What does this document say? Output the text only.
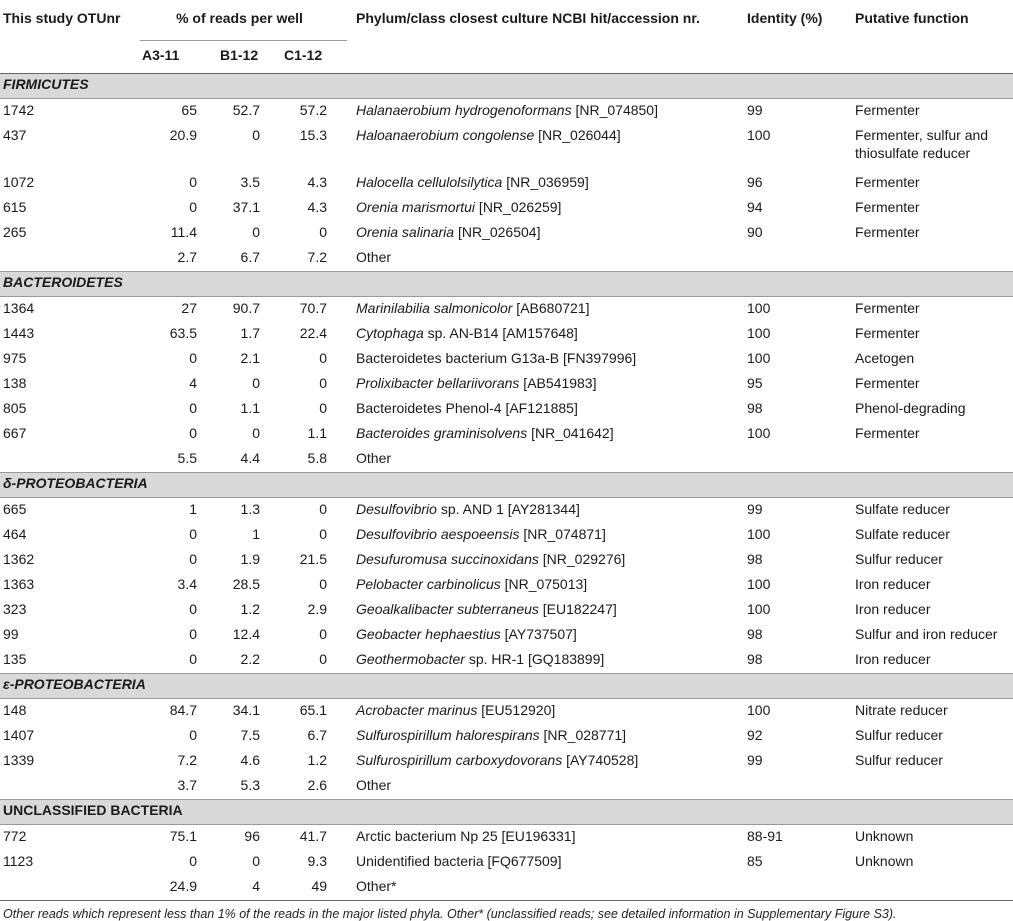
This study OTUnr	% of reads per well				Phylum/class closest culture NCBI hit/accession nr.	Identity (%)	Putative function
	A3-11	B1-12	C1-12				
FIRMICUTES							
1742	65	52.7	57.2		Halanaerobium hydrogenoformans [NR_074850]	99	Fermenter
437	20.9	0	15.3		Haloanaerobium congolense [NR_026044]	100	Fermenter, sulfur and thiosulfate reducer
1072	0	3.5	4.3		Halocella cellulolsilytica [NR_036959]	96	Fermenter
615	0	37.1	4.3		Orenia marismortui [NR_026259]	94	Fermenter
265	11.4	0	0		Orenia salinaria [NR_026504]	90	Fermenter
	2.7	6.7	7.2		Other		
BACTEROIDETES							
1364	27	90.7	70.7		Marinilabilia salmonicolor [AB680721]	100	Fermenter
1443	63.5	1.7	22.4		Cytophaga sp. AN-B14 [AM157648]	100	Fermenter
975	0	2.1	0		Bacteroidetes bacterium G13a-B [FN397996]	100	Acetogen
138	4	0	0		Prolixibacter bellariivorans [AB541983]	95	Fermenter
805	0	1.1	0		Bacteroidetes Phenol-4 [AF121885]	98	Phenol-degrading
667	0	0	1.1		Bacteroides graminisolvens [NR_041642]	100	Fermenter
	5.5	4.4	5.8		Other		
δ-PROTEOBACTERIA							
665	1	1.3	0		Desulfovibrio sp. AND 1 [AY281344]	99	Sulfate reducer
464	0	1	0		Desulfovibrio aespoeensis [NR_074871]	100	Sulfate reducer
1362	0	1.9	21.5		Desufuromusa succinoxidans [NR_029276]	98	Sulfur reducer
1363	3.4	28.5	0		Pelobacter carbinolicus [NR_075013]	100	Iron reducer
323	0	1.2	2.9		Geoalkalibacter subterraneus [EU182247]	100	Iron reducer
99	0	12.4	0		Geobacter hephaestius [AY737507]	98	Sulfur and iron reducer
135	0	2.2	0		Geothermobacter sp. HR-1 [GQ183899]	98	Iron reducer
ε-PROTEOBACTERIA							
148	84.7	34.1	65.1		Acrobacter marinus [EU512920]	100	Nitrate reducer
1407	0	7.5	6.7		Sulfurospirillum halorespirans [NR_028771]	92	Sulfur reducer
1339	7.2	4.6	1.2		Sulfurospirillum carboxydovorans [AY740528]	99	Sulfur reducer
	3.7	5.3	2.6		Other		
UNCLASSIFIED BACTERIA							
772	75.1	96	41.7		Arctic bacterium Np 25 [EU196331]	88-91	Unknown
1123	0	0	9.3		Unidentified bacteria [FQ677509]	85	Unknown
	24.9	4	49		Other*		
Other reads which represent less than 1% of the reads in the major listed phyla. Other* (unclassified reads; see detailed information in Supplementary Figure S3).
